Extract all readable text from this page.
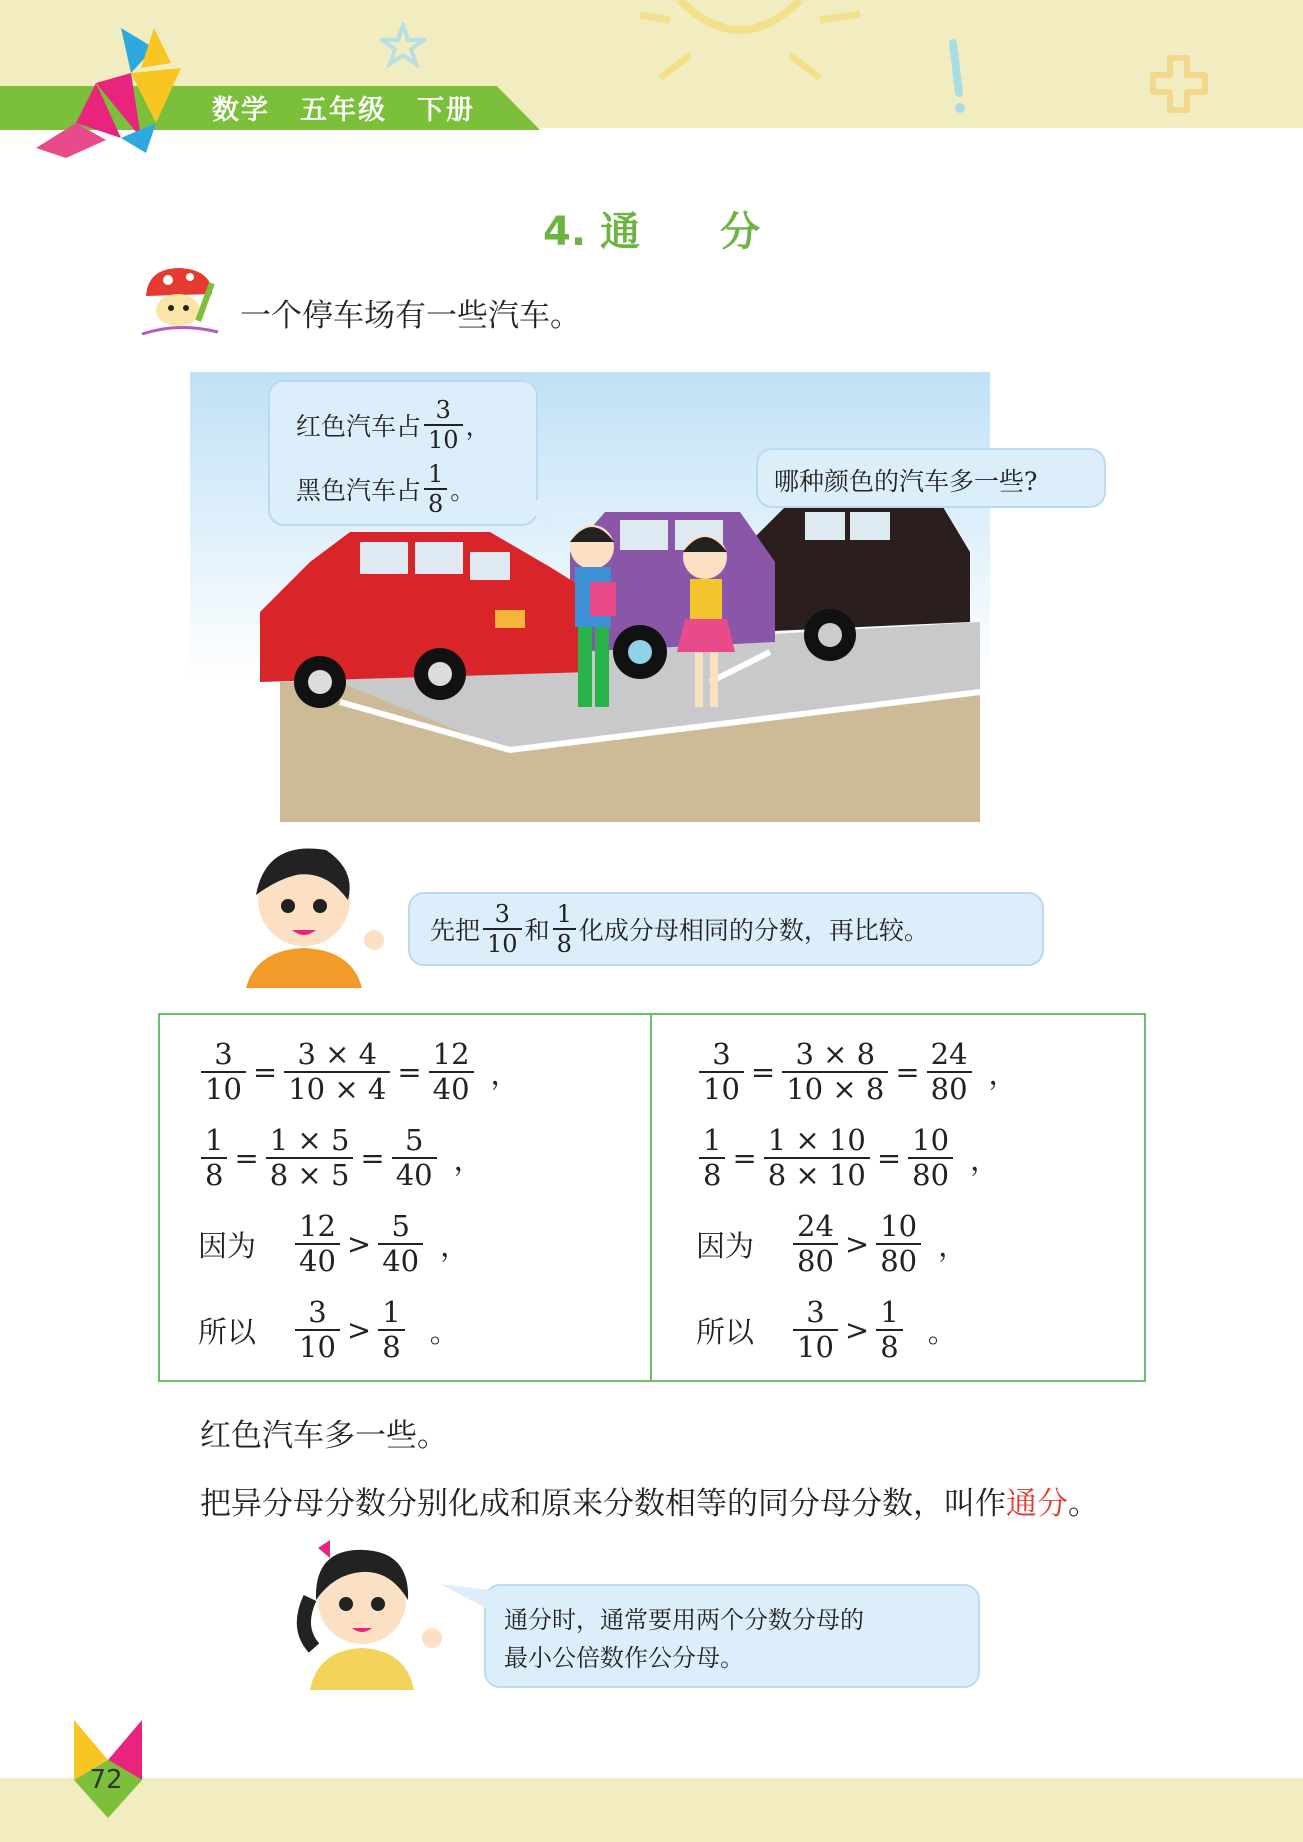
数学 五年级 下册
4. 通　　分
一个停车场有一些汽车。
红色汽车占 $\frac{3}{10}$ ，
黑色汽车占 $\frac{1}{8}$ 。	哪种颜色的汽车多一些?
先把 $\frac{3}{10}$ 和 $\frac{1}{8}$ 化成分母相同的分数，再比较。
$\frac{3}{10} = \frac{3 \times 4}{10 \times 4} = \frac{12}{40}$ ，
$\frac{1}{8} = \frac{1 \times 5}{8 \times 5} = \frac{5}{40}$ ，
因为 $\frac{12}{40} > \frac{5}{40}$ ，
所以 $\frac{3}{10} > \frac{1}{8}$ 。
$\frac{3}{10} = \frac{3 \times 8}{10 \times 8} = \frac{24}{80}$ ，
$\frac{1}{8} = \frac{1 \times 10}{8 \times 10} = \frac{10}{80}$ ，
因为 $\frac{24}{80} > \frac{10}{80}$ ，
所以 $\frac{3}{10} > \frac{1}{8}$ 。
红色汽车多一些。
把异分母分数分别化成和原来分数相等的同分母分数，叫作通分。
通分时，通常要用两个分数分母的
最小公倍数作公分母。
72
